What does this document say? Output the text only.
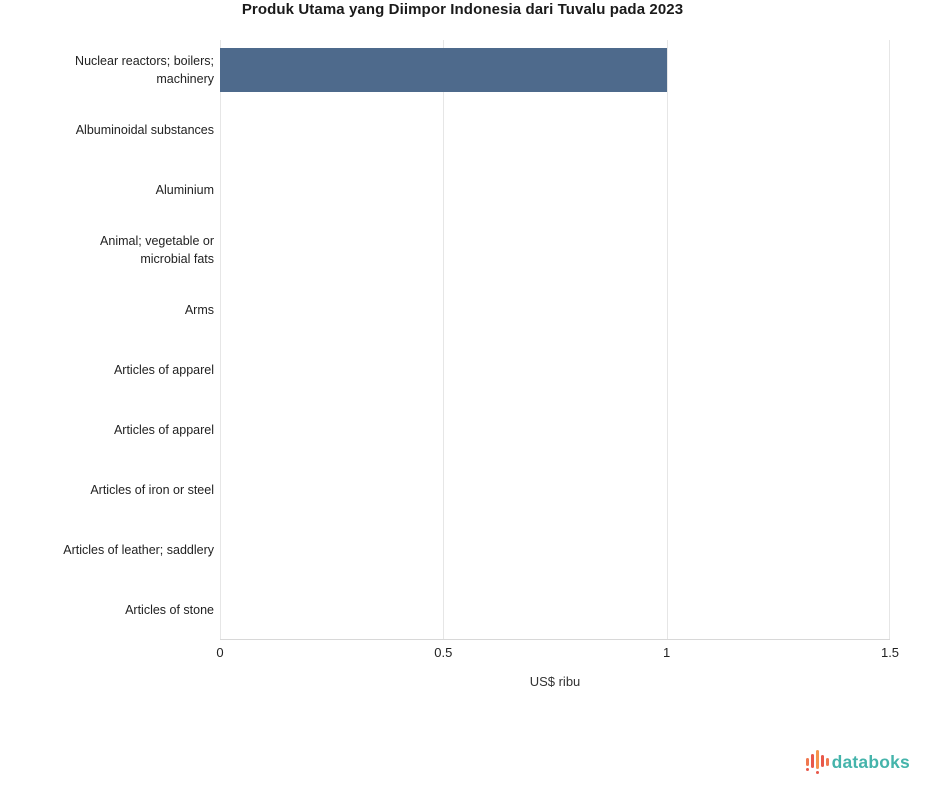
Produk Utama yang Diimpor Indonesia dari Tuvalu pada 2023
Nuclear reactors; boilers; machinery
Albuminoidal substances
Aluminium
Animal; vegetable or microbial fats
Arms
Articles of apparel
Articles of apparel
Articles of iron or steel
Articles of leather; saddlery
Articles of stone
0	0.5	1	1.5
US$ ribu
databoks
